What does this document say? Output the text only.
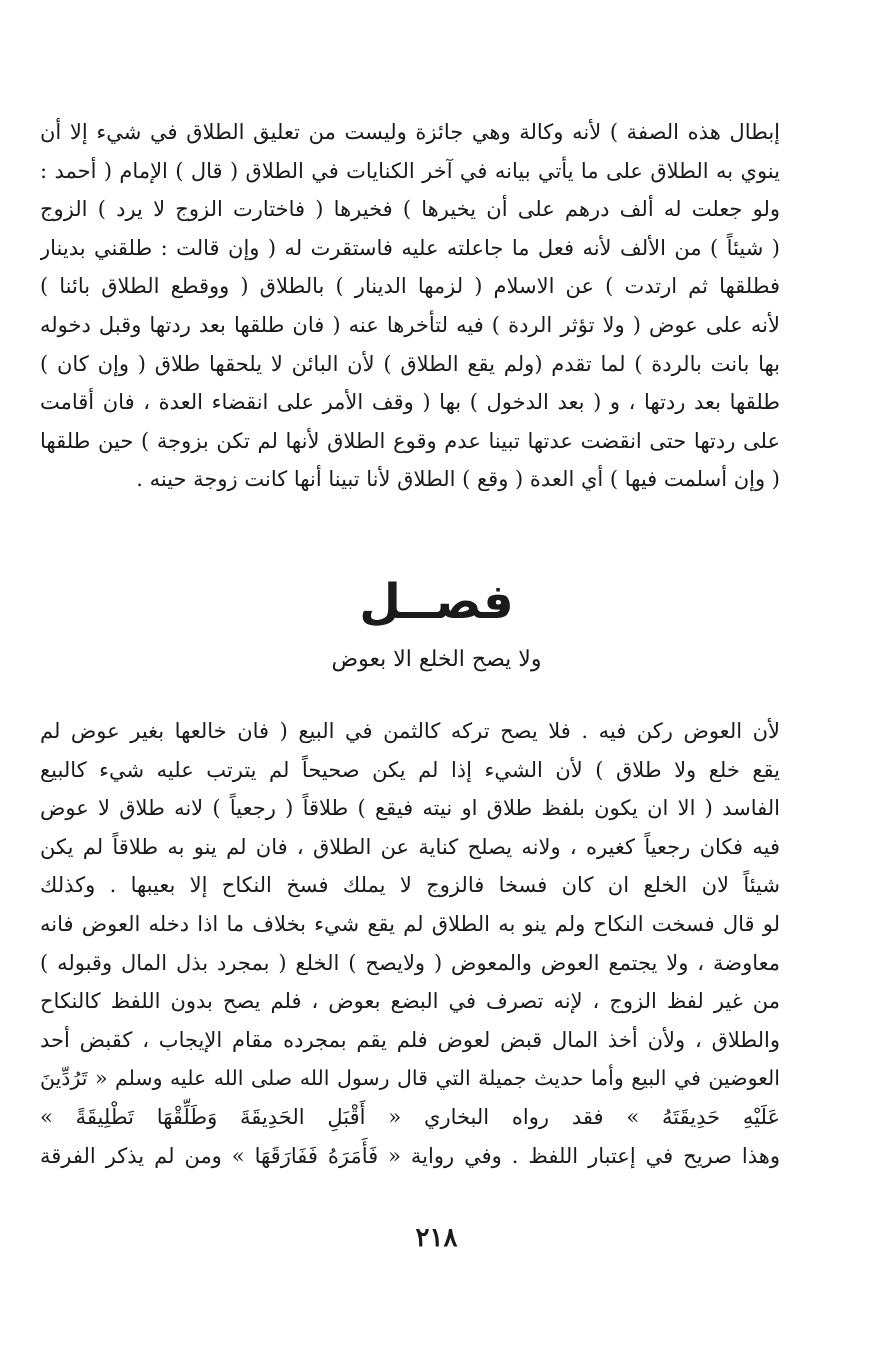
إبطال هذه الصفة ) لأنه وكالة وهي جائزة وليست من تعليق الطلاق في شيء إلا أن
ينوي به الطلاق على ما يأتي بيانه في آخر الكنايات في الطلاق ( قال ) الإمام ( أحمد :
ولو جعلت له ألف درهم على أن يخيرها ) فخيرها ( فاختارت الزوج لا يرد ) الزوج
( شيئاً ) من الألف لأنه فعل ما جاعلته عليه فاستقرت له ( وإن قالت : طلقني بدينار
فطلقها ثم ارتدت ) عن الاسلام ( لزمها الدينار ) بالطلاق ( ووقطع الطلاق بائنا )
لأنه على عوض ( ولا تؤثر الردة ) فيه لتأخرها عنه ( فان طلقها بعد ردتها وقبل دخوله
بها بانت بالردة ) لما تقدم (ولم يقع الطلاق ) لأن البائن لا يلحقها طلاق ( وإن كان )
طلقها بعد ردتها ، و ( بعد الدخول ) بها ( وقف الأمر على انقضاء العدة ، فان أقامت
على ردتها حتى انقضت عدتها تبينا عدم وقوع الطلاق لأنها لم تكن بزوجة ) حين طلقها
( وإن أسلمت فيها ) أي العدة ( وقع ) الطلاق لأنا تبينا أنها كانت زوجة حينه .
فصــل
ولا يصح الخلع الا بعوض
لأن العوض ركن فيه . فلا يصح تركه كالثمن في البيع ( فان خالعها بغير عوض لم
يقع خلع ولا طلاق ) لأن الشيء إذا لم يكن صحيحاً لم يترتب عليه شيء كالبيع
الفاسد ( الا ان يكون بلفظ طلاق او نيته فيقع ) طلاقاً ( رجعياً ) لانه طلاق لا عوض
فيه فكان رجعياً كغيره ، ولانه يصلح كناية عن الطلاق ، فان لم ينو به طلاقاً لم يكن
شيئاً لان الخلع ان كان فسخا فالزوج لا يملك فسخ النكاح إلا بعيبها . وكذلك
لو قال فسخت النكاح ولم ينو به الطلاق لم يقع شيء بخلاف ما اذا دخله العوض فانه
معاوضة ، ولا يجتمع العوض والمعوض ( ولايصح ) الخلع ( بمجرد بذل المال وقبوله )
من غير لفظ الزوج ، لإنه تصرف في البضع بعوض ، فلم يصح بدون اللفظ كالنكاح
والطلاق ، ولأن أخذ المال قبض لعوض فلم يقم بمجرده مقام الإيجاب ، كقبض أحد
العوضين في البيع وأما حديث جميلة التي قال رسول الله صلى الله عليه وسلم « تَرُدِّينَ
عَلَيْهِ حَدِيقَتَهُ » فقد رواه البخاري « أَقْبَلِ الحَدِيقَةَ وَطَلِّقْهَا تَطْلِيقَةً »
وهذا صريح في إعتبار اللفظ . وفي رواية « فَأَمَرَهُ فَفَارَقَهَا » ومن لم يذكر الفرقة
٢١٨
